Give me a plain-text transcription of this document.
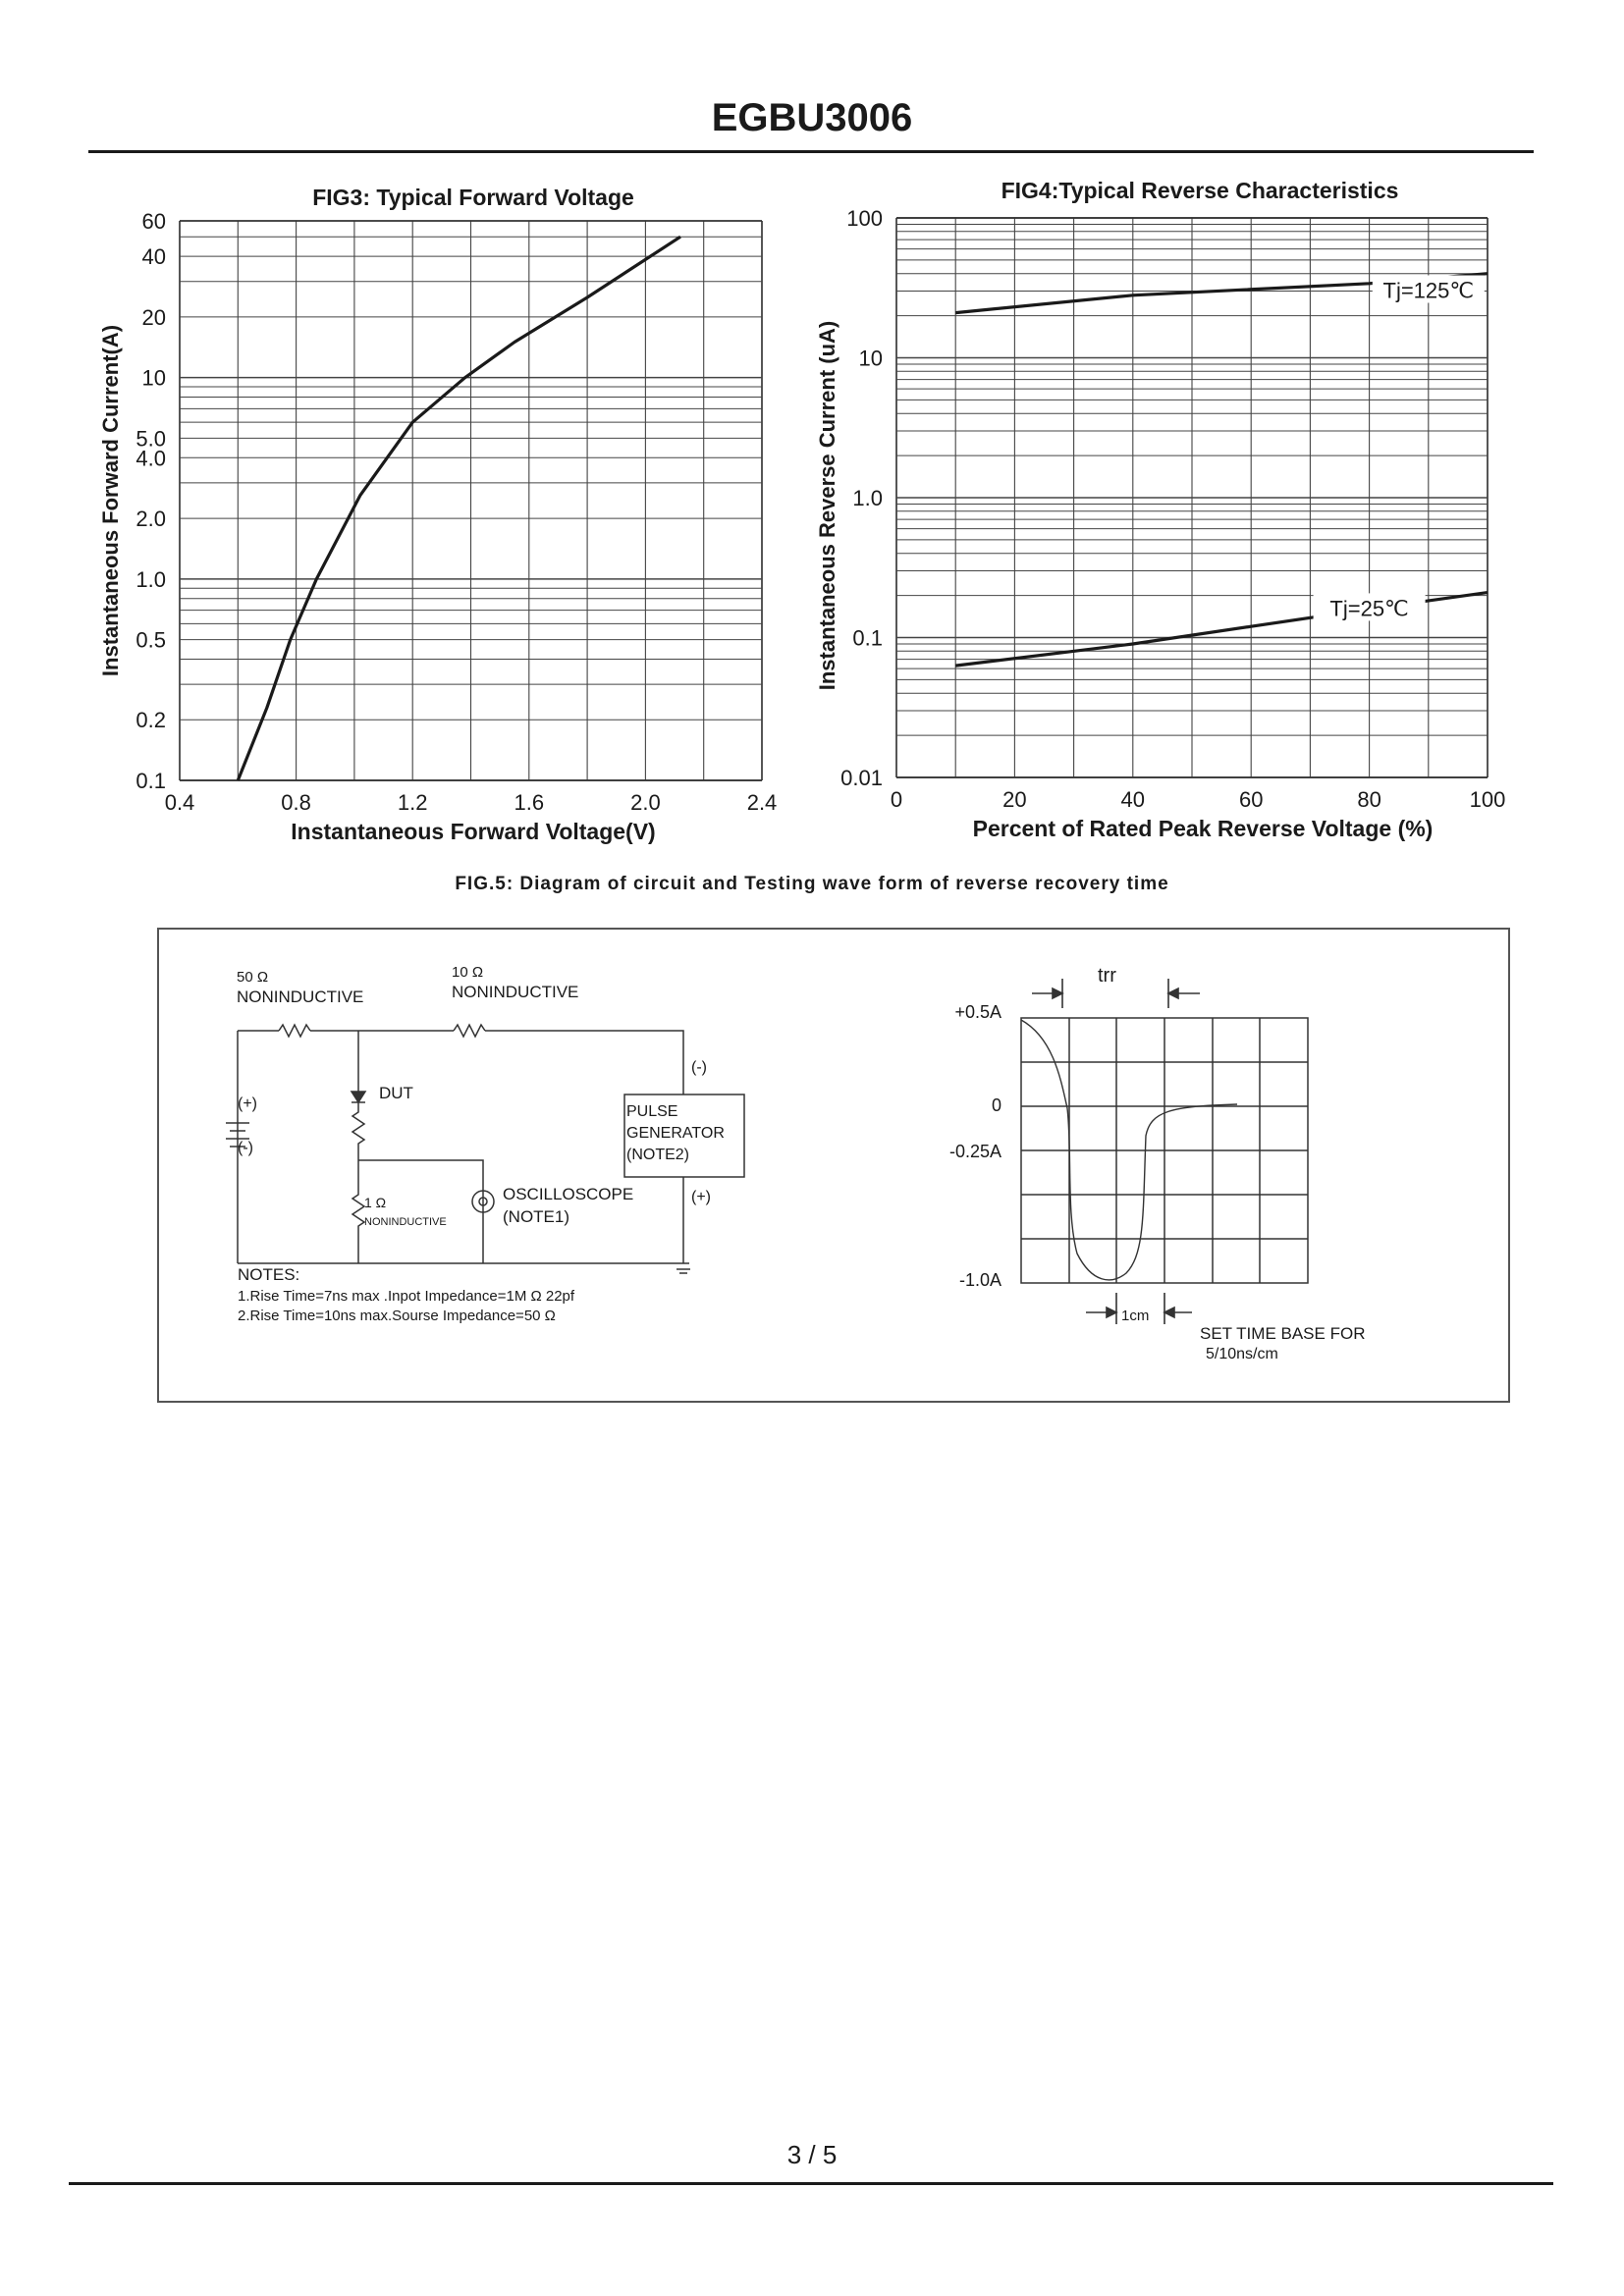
EGBU3006
FIG3: Typical Forward Voltage
0.4	0.8	1.2	1.6	2.0	2.4
0.1
0.2
0.5
1.0
2.0
4.0
5.0
10
20
40
60
Instantaneous Forward Voltage(V)
Instantaneous Forward Current(A)
FIG4:Typical Reverse Characteristics
0	20	40	60	80	100
0.01
0.1
1.0
10
100
Percent of Rated Peak Reverse Voltage (%)
Instantaneous Reverse Current (uA)
Tj=125℃
Tj=25℃
FIG.5: Diagram of circuit and Testing wave form of reverse recovery time
50 Ω
NONINDUCTIVE
10 Ω
NONINDUCTIVE
DUT
(+)
(-)
(-)
(+)
PULSE
GENERATOR
(NOTE2)
1 Ω
NONINDUCTIVE
OSCILLOSCOPE
(NOTE1)
NOTES:
1.Rise Time=7ns max .Inpot Impedance=1M Ω 22pf
2.Rise Time=10ns max.Sourse Impedance=50 Ω
trr
+0.5A
0
-0.25A
-1.0A
1cm
SET TIME BASE FOR
5/10ns/cm
3 / 5
